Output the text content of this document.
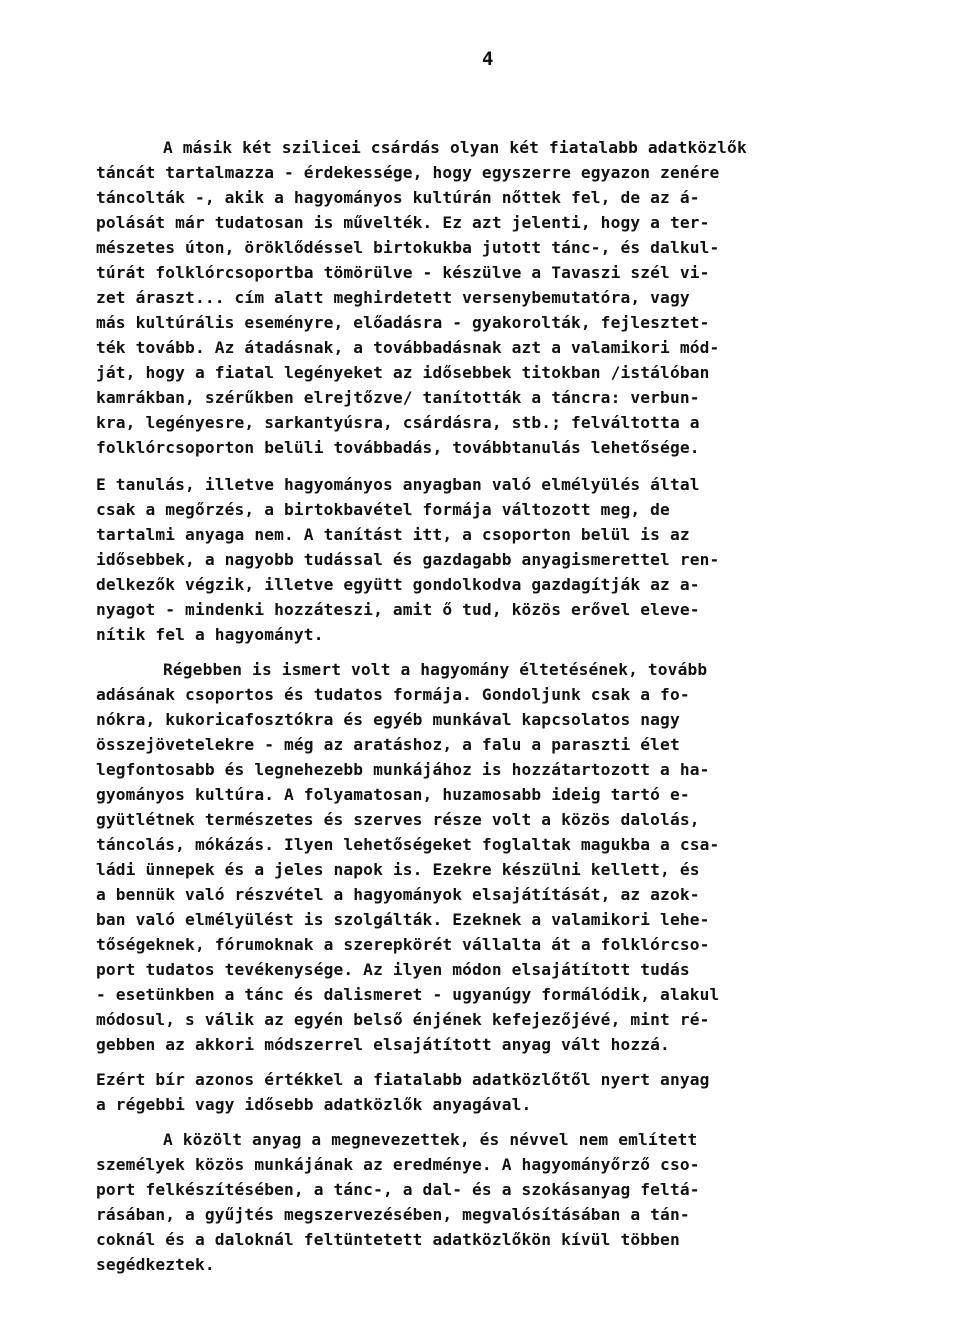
4
A másik két szilicei csárdás olyan két fiatalabb adatközlők
táncát tartalmazza - érdekessége, hogy egyszerre egyazon zenére
táncolták -, akik a hagyományos kultúrán nőttek fel, de az á-
polását már tudatosan is művelték. Ez azt jelenti, hogy a ter-
mészetes úton, öröklődéssel birtokukba jutott tánc-, és dalkul-
túrát folklórcsoportba tömörülve - készülve a Tavaszi szél vi-
zet áraszt... cím alatt meghirdetett versenybemutatóra, vagy
más kultúrális eseményre, előadásra - gyakorolták, fejlesztet-
ték tovább. Az átadásnak, a továbbadásnak azt a valamikori mód-
ját, hogy a fiatal legényeket az idősebbek titokban /istálóban
kamrákban, szérűkben elrejtőzve/ tanították a táncra: verbun-
kra, legényesre, sarkantyúsra, csárdásra, stb.; felváltotta a
folklórcsoporton belüli továbbadás, továbbtanulás lehetősége.
E tanulás, illetve hagyományos anyagban való elmélyülés által
csak a megőrzés, a birtokbavétel formája változott meg, de
tartalmi anyaga nem. A tanítást itt, a csoporton belül is az
idősebbek, a nagyobb tudással és gazdagabb anyagismerettel ren-
delkezők végzik, illetve együtt gondolkodva gazdagítják az a-
nyagot - mindenki hozzáteszi, amit ő tud, közös erővel eleve-
nítik fel a hagyományt.
Régebben is ismert volt a hagyomány éltetésének, tovább
adásának csoportos és tudatos formája. Gondoljunk csak a fo-
nókra, kukoricafosztókra és egyéb munkával kapcsolatos nagy
összejövetelekre - még az aratáshoz, a falu a paraszti élet
legfontosabb és legnehezebb munkájához is hozzátartozott a ha-
gyományos kultúra. A folyamatosan, huzamosabb ideig tartó e-
gyütlétnek természetes és szerves része volt a közös dalolás,
táncolás, mókázás. Ilyen lehetőségeket foglaltak magukba a csa-
ládi ünnepek és a jeles napok is. Ezekre készülni kellett, és
a bennük való részvétel a hagyományok elsajátítását, az azok-
ban való elmélyülést is szolgálták. Ezeknek a valamikori lehe-
tőségeknek, fórumoknak a szerepkörét vállalta át a folklórcso-
port tudatos tevékenysége. Az ilyen módon elsajátított tudás
- esetünkben a tánc és dalismeret - ugyanúgy formálódik, alakul
módosul, s válik az egyén belső énjének kefejezőjévé, mint ré-
gebben az akkori módszerrel elsajátított anyag vált hozzá.
Ezért bír azonos értékkel a fiatalabb adatközlőtől nyert anyag
a régebbi vagy idősebb adatközlők anyagával.
A közölt anyag a megnevezettek, és névvel nem említett
személyek közös munkájának az eredménye. A hagyományőrző cso-
port felkészítésében, a tánc-, a dal- és a szokásanyag feltá-
rásában, a gyűjtés megszervezésében, megvalósításában a tán-
coknál és a daloknál feltüntetett adatközlőkön kívül többen
segédkeztek.
